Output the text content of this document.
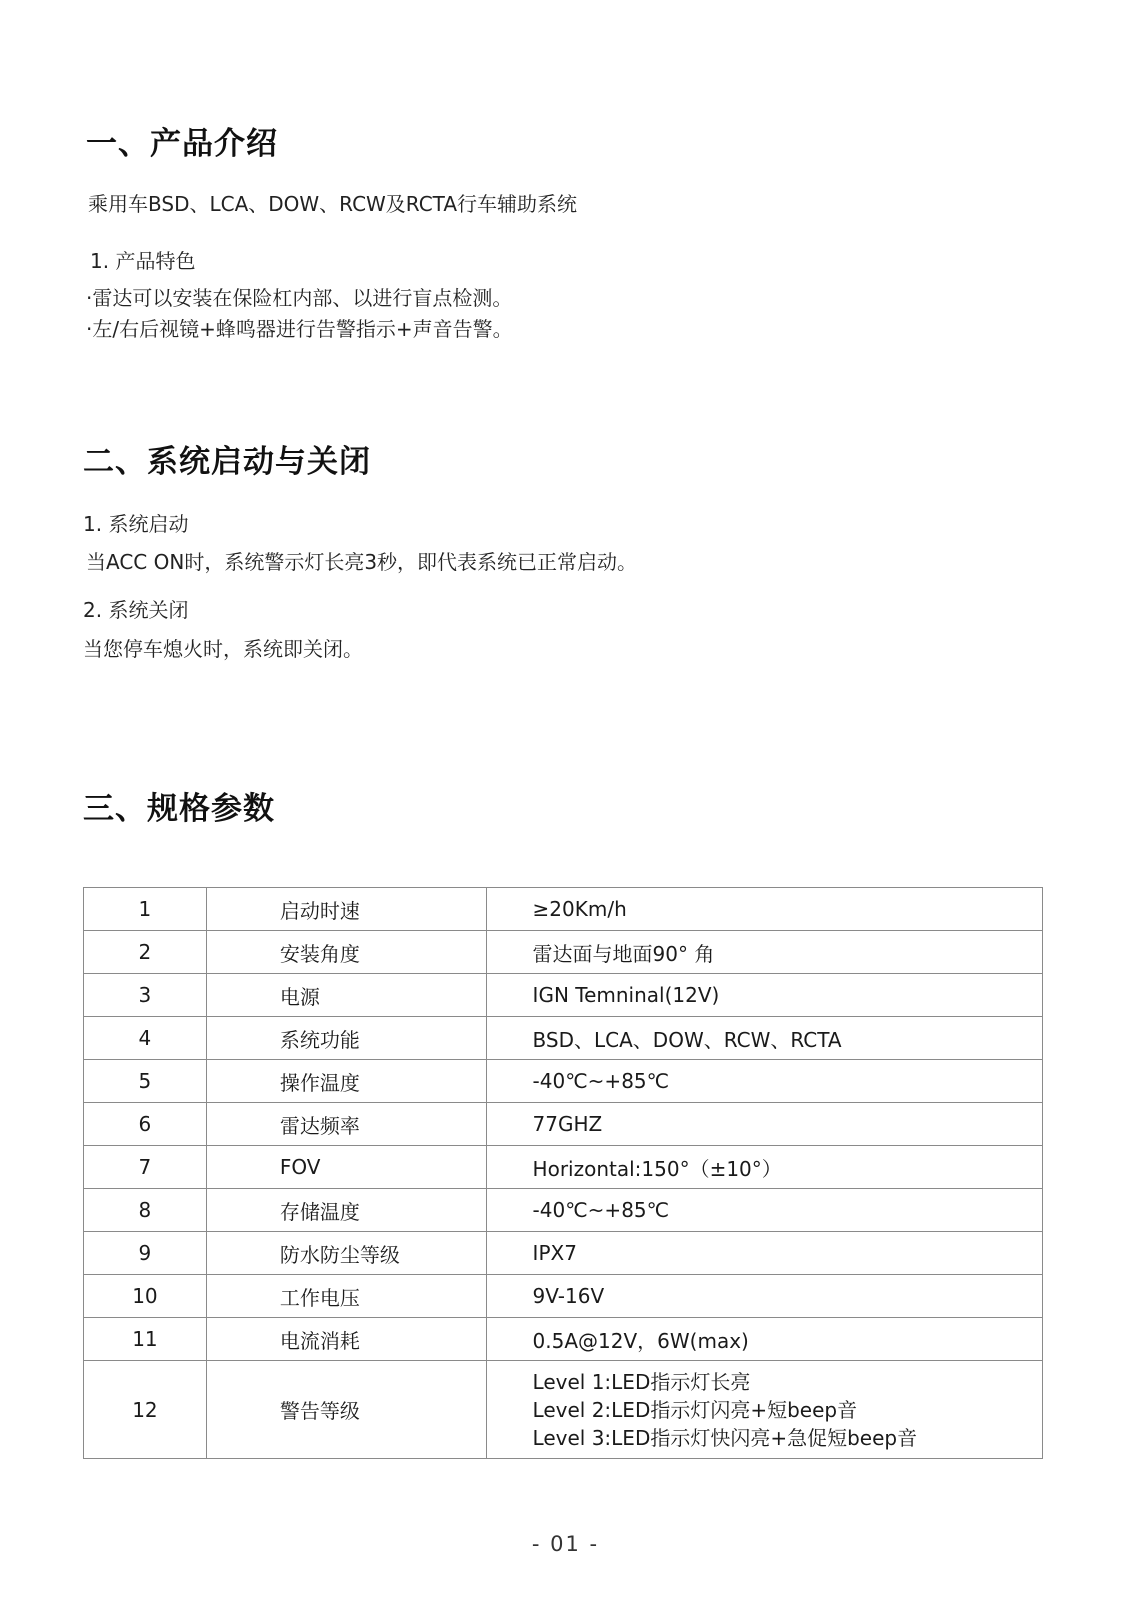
一、产品介绍
乘用车BSD、LCA、DOW、RCW及RCTA行车辅助系统
1. 产品特色
·雷达可以安装在保险杠内部、以进行盲点检测。
·左/右后视镜+蜂鸣器进行告警指示+声音告警。
二、系统启动与关闭
1. 系统启动
当ACC ON时，系统警示灯长亮3秒，即代表系统已正常启动。
2. 系统关闭
当您停车熄火时，系统即关闭。
三、规格参数
1	启动时速	≥20Km/h
2	安装角度	雷达面与地面90° 角
3	电源	IGN Temninal(12V)
4	系统功能	BSD、LCA、DOW、RCW、RCTA
5	操作温度	-40℃~+85℃
6	雷达频率	77GHZ
7	FOV	Horizontal:150°（±10°）
8	存储温度	-40℃~+85℃
9	防水防尘等级	IPX7
10	工作电压	9V-16V
11	电流消耗	0.5A@12V，6W(max)
12	警告等级	Level 1:LED指示灯长亮
Level 2:LED指示灯闪亮+短beep音
Level 3:LED指示灯快闪亮+急促短beep音
- 01 -
